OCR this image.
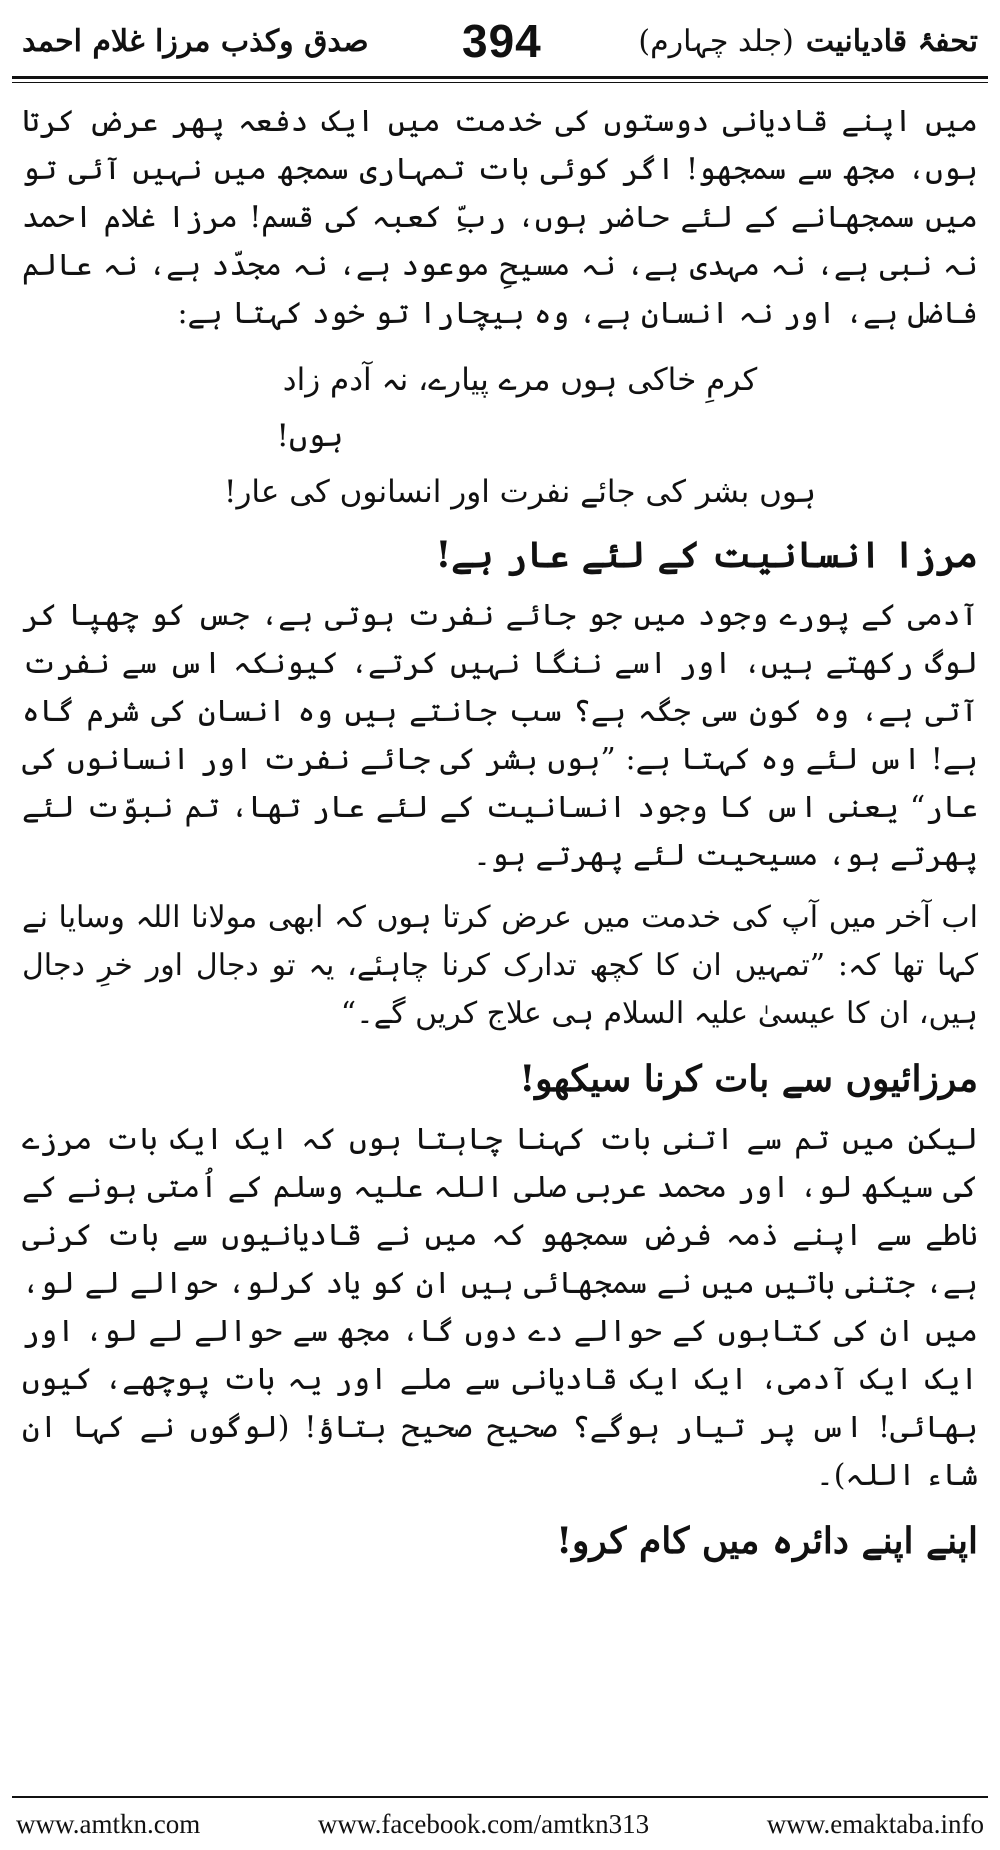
تحفۂ قادیانیت(جلد چہارم)
394
صدق وکذب مرزا غلام احمد

میں اپنے قادیانی دوستوں کی خدمت میں ایک دفعہ پھر عرض کرتا ہوں، مجھ سے سمجھو! اگر کوئی بات تمہاری سمجھ میں نہیں آئی تو میں سمجھانے کے لئے حاضر ہوں، ربِّ کعبہ کی قسم! مرزا غلام احمد نہ نبی ہے، نہ مہدی ہے، نہ مسیحِ موعود ہے، نہ مجدّد ہے، نہ عالم فاضل ہے، اور نہ انسان ہے، وہ بیچارا تو خود کہتا ہے:

کرمِ خاکی ہوں مرے پیارے، نہ آدم زاد
ہوں!
ہوں بشر کی جائے نفرت اور انسانوں کی عار!
مرزا انسانیت کے لئے عار ہے!

آدمی کے پورے وجود میں جو جائے نفرت ہوتی ہے، جس کو چھپا کر لوگ رکھتے ہیں، اور اسے ننگا نہیں کرتے، کیونکہ اس سے نفرت آتی ہے، وہ کون سی جگہ ہے؟ سب جانتے ہیں وہ انسان کی شرم گاہ ہے! اس لئے وہ کہتا ہے: ”ہوں بشر کی جائے نفرت اور انسانوں کی عار“ یعنی اس کا وجود انسانیت کے لئے عار تھا، تم نبوّت لئے پھرتے ہو، مسیحیت لئے پھرتے ہو۔

اب آخر میں آپ کی خدمت میں عرض کرتا ہوں کہ ابھی مولانا اللہ وسایا نے کہا تھا کہ: ”تمہیں ان کا کچھ تدارک کرنا چاہئے، یہ تو دجال اور خرِ دجال ہیں، ان کا عیسیٰ علیہ السلام ہی علاج کریں گے۔“

مرزائیوں سے بات کرنا سیکھو!

لیکن میں تم سے اتنی بات کہنا چاہتا ہوں کہ ایک ایک بات مرزے کی سیکھ لو، اور محمد عربی صلی اللہ علیہ وسلم کے اُمتی ہونے کے ناطے سے اپنے ذمہ فرض سمجھو کہ میں نے قادیانیوں سے بات کرنی ہے، جتنی باتیں میں نے سمجھائی ہیں ان کو یاد کرلو، حوالے لے لو، میں ان کی کتابوں کے حوالے دے دوں گا، مجھ سے حوالے لے لو، اور ایک ایک آدمی، ایک ایک قادیانی سے ملے اور یہ بات پوچھے، کیوں بھائی! اس پر تیار ہوگے؟ صحیح صحیح بتاؤ! (لوگوں نے کہا ان شاء اللہ)۔

اپنے اپنے دائرہ میں کام کرو!
www.amtkn.com	www.facebook.com/amtkn313	www.emaktaba.info
